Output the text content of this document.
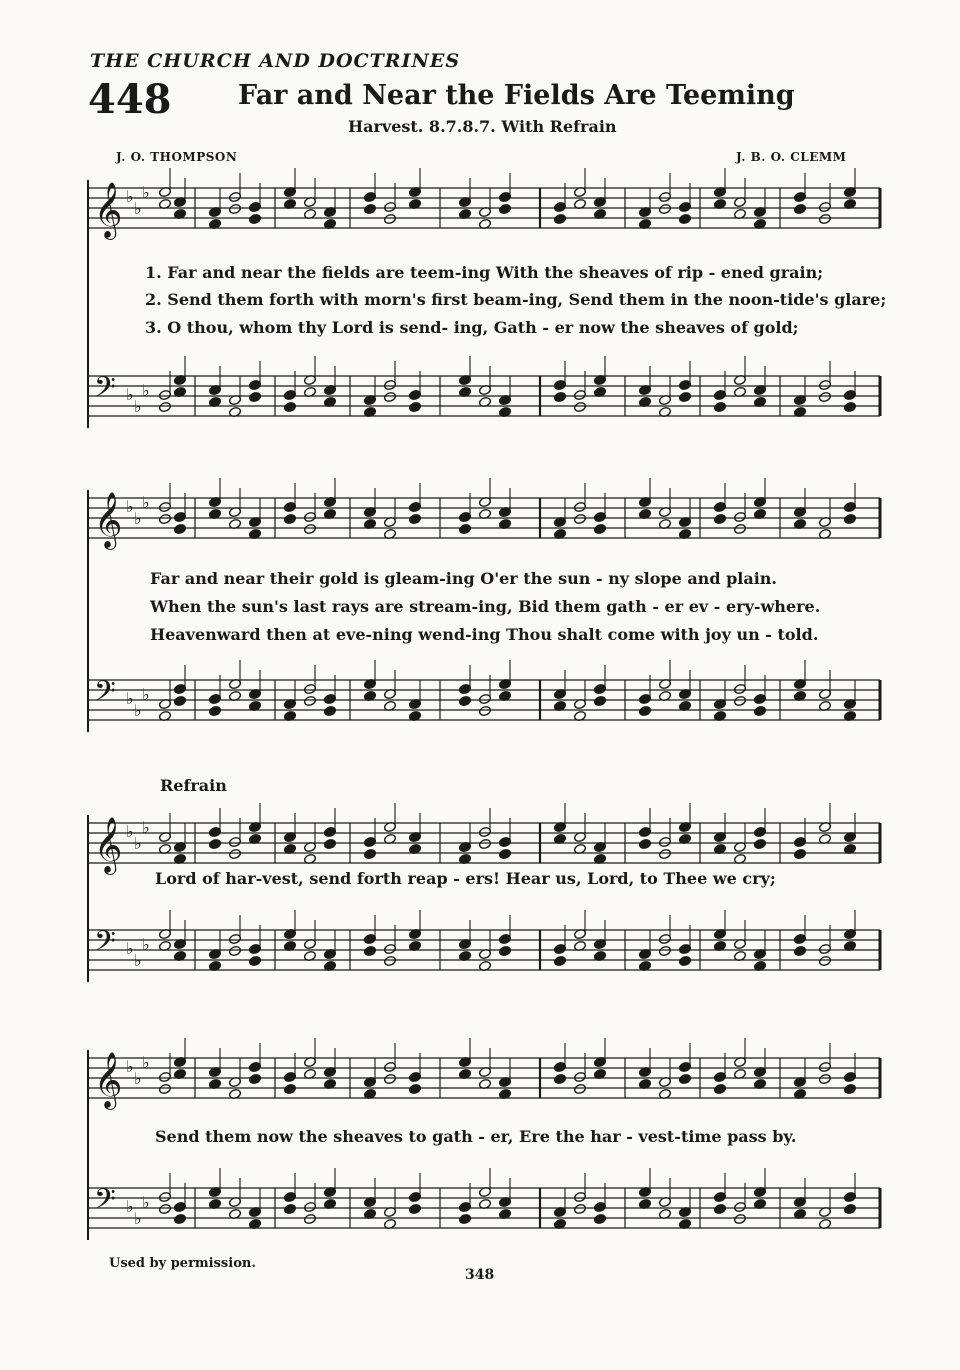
THE CHURCH AND DOCTRINES
448 Far and Near the Fields Are Teeming
Harvest. 8.7.8.7. With Refrain
J. O. THOMPSON	J. B. O. CLEMM
𝄞 ♭
♭
♭
𝄢 ♭
♭
♭
1. Far and near the fields are teem-ing With the sheaves of rip - ened grain;
2. Send them forth with morn's first beam-ing, Send them in the noon-tide's glare;
3. O thou, whom thy Lord is send- ing, Gath - er now the sheaves of gold;
𝄞 ♭
♭
♭
𝄢 ♭
♭
♭
Far and near their gold is gleam-ing O'er the sun - ny slope and plain.
When the sun's last rays are stream-ing, Bid them gath - er ev - ery-where.
Heavenward then at eve-ning wend-ing Thou shalt come with joy un - told.
Refrain
𝄞 ♭
♭
♭
𝄢 ♭
♭
♭
Lord of har-vest, send forth reap - ers! Hear us, Lord, to Thee we cry;
𝄞 ♭
♭
♭
𝄢 ♭
♭
♭
Send them now the sheaves to gath - er, Ere the har - vest-time pass by.
Used by permission.
348
